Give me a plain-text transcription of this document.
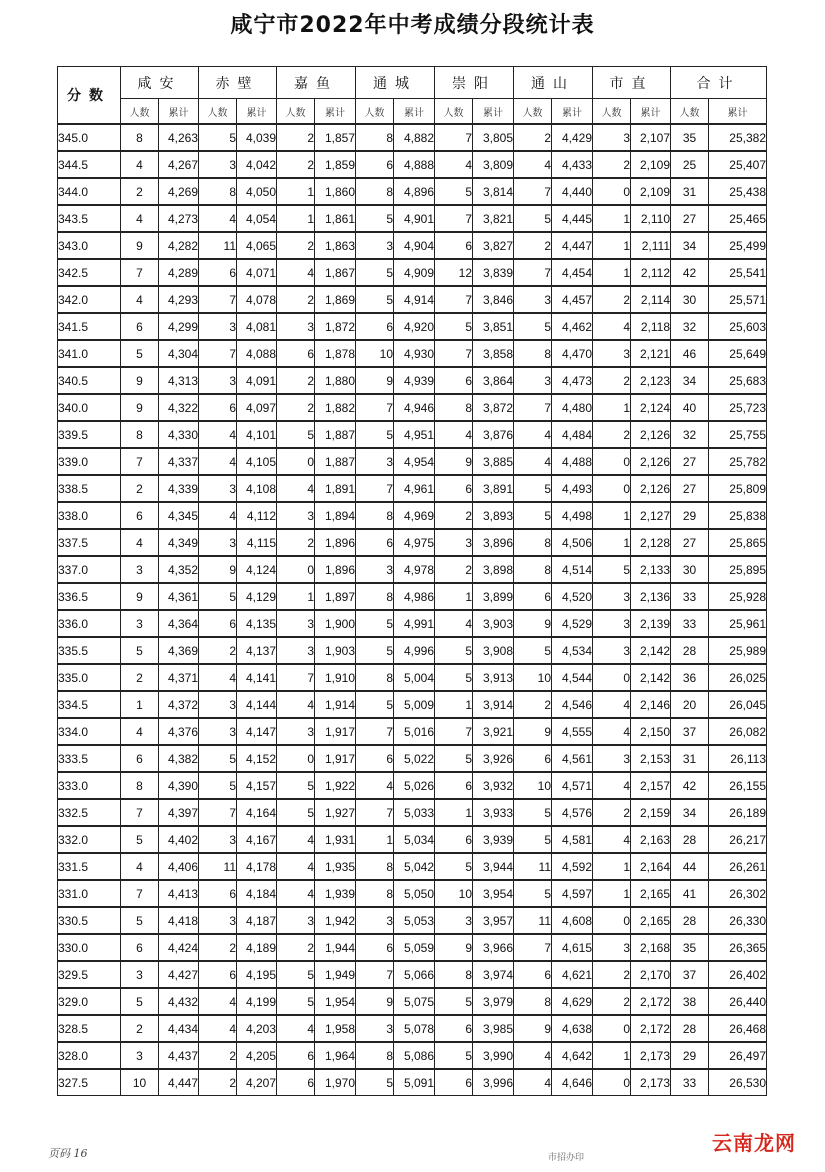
咸宁市2022年中考成绩分段统计表
分数	咸安		赤壁		嘉鱼		通城		崇阳		通山		市直		合计	
	人数	累计	人数	累计	人数	累计	人数	累计	人数	累计	人数	累计	人数	累计	人数	累计
345.0	8	4,263	5	4,039	2	1,857	8	4,882	7	3,805	2	4,429	3	2,107	35	25,382
344.5	4	4,267	3	4,042	2	1,859	6	4,888	4	3,809	4	4,433	2	2,109	25	25,407
344.0	2	4,269	8	4,050	1	1,860	8	4,896	5	3,814	7	4,440	0	2,109	31	25,438
343.5	4	4,273	4	4,054	1	1,861	5	4,901	7	3,821	5	4,445	1	2,110	27	25,465
343.0	9	4,282	11	4,065	2	1,863	3	4,904	6	3,827	2	4,447	1	2,111	34	25,499
342.5	7	4,289	6	4,071	4	1,867	5	4,909	12	3,839	7	4,454	1	2,112	42	25,541
342.0	4	4,293	7	4,078	2	1,869	5	4,914	7	3,846	3	4,457	2	2,114	30	25,571
341.5	6	4,299	3	4,081	3	1,872	6	4,920	5	3,851	5	4,462	4	2,118	32	25,603
341.0	5	4,304	7	4,088	6	1,878	10	4,930	7	3,858	8	4,470	3	2,121	46	25,649
340.5	9	4,313	3	4,091	2	1,880	9	4,939	6	3,864	3	4,473	2	2,123	34	25,683
340.0	9	4,322	6	4,097	2	1,882	7	4,946	8	3,872	7	4,480	1	2,124	40	25,723
339.5	8	4,330	4	4,101	5	1,887	5	4,951	4	3,876	4	4,484	2	2,126	32	25,755
339.0	7	4,337	4	4,105	0	1,887	3	4,954	9	3,885	4	4,488	0	2,126	27	25,782
338.5	2	4,339	3	4,108	4	1,891	7	4,961	6	3,891	5	4,493	0	2,126	27	25,809
338.0	6	4,345	4	4,112	3	1,894	8	4,969	2	3,893	5	4,498	1	2,127	29	25,838
337.5	4	4,349	3	4,115	2	1,896	6	4,975	3	3,896	8	4,506	1	2,128	27	25,865
337.0	3	4,352	9	4,124	0	1,896	3	4,978	2	3,898	8	4,514	5	2,133	30	25,895
336.5	9	4,361	5	4,129	1	1,897	8	4,986	1	3,899	6	4,520	3	2,136	33	25,928
336.0	3	4,364	6	4,135	3	1,900	5	4,991	4	3,903	9	4,529	3	2,139	33	25,961
335.5	5	4,369	2	4,137	3	1,903	5	4,996	5	3,908	5	4,534	3	2,142	28	25,989
335.0	2	4,371	4	4,141	7	1,910	8	5,004	5	3,913	10	4,544	0	2,142	36	26,025
334.5	1	4,372	3	4,144	4	1,914	5	5,009	1	3,914	2	4,546	4	2,146	20	26,045
334.0	4	4,376	3	4,147	3	1,917	7	5,016	7	3,921	9	4,555	4	2,150	37	26,082
333.5	6	4,382	5	4,152	0	1,917	6	5,022	5	3,926	6	4,561	3	2,153	31	26,113
333.0	8	4,390	5	4,157	5	1,922	4	5,026	6	3,932	10	4,571	4	2,157	42	26,155
332.5	7	4,397	7	4,164	5	1,927	7	5,033	1	3,933	5	4,576	2	2,159	34	26,189
332.0	5	4,402	3	4,167	4	1,931	1	5,034	6	3,939	5	4,581	4	2,163	28	26,217
331.5	4	4,406	11	4,178	4	1,935	8	5,042	5	3,944	11	4,592	1	2,164	44	26,261
331.0	7	4,413	6	4,184	4	1,939	8	5,050	10	3,954	5	4,597	1	2,165	41	26,302
330.5	5	4,418	3	4,187	3	1,942	3	5,053	3	3,957	11	4,608	0	2,165	28	26,330
330.0	6	4,424	2	4,189	2	1,944	6	5,059	9	3,966	7	4,615	3	2,168	35	26,365
329.5	3	4,427	6	4,195	5	1,949	7	5,066	8	3,974	6	4,621	2	2,170	37	26,402
329.0	5	4,432	4	4,199	5	1,954	9	5,075	5	3,979	8	4,629	2	2,172	38	26,440
328.5	2	4,434	4	4,203	4	1,958	3	5,078	6	3,985	9	4,638	0	2,172	28	26,468
328.0	3	4,437	2	4,205	6	1,964	8	5,086	5	3,990	4	4,642	1	2,173	29	26,497
327.5	10	4,447	2	4,207	6	1,970	5	5,091	6	3,996	4	4,646	0	2,173	33	26,530
页码 16	市招办印
云南龙网
